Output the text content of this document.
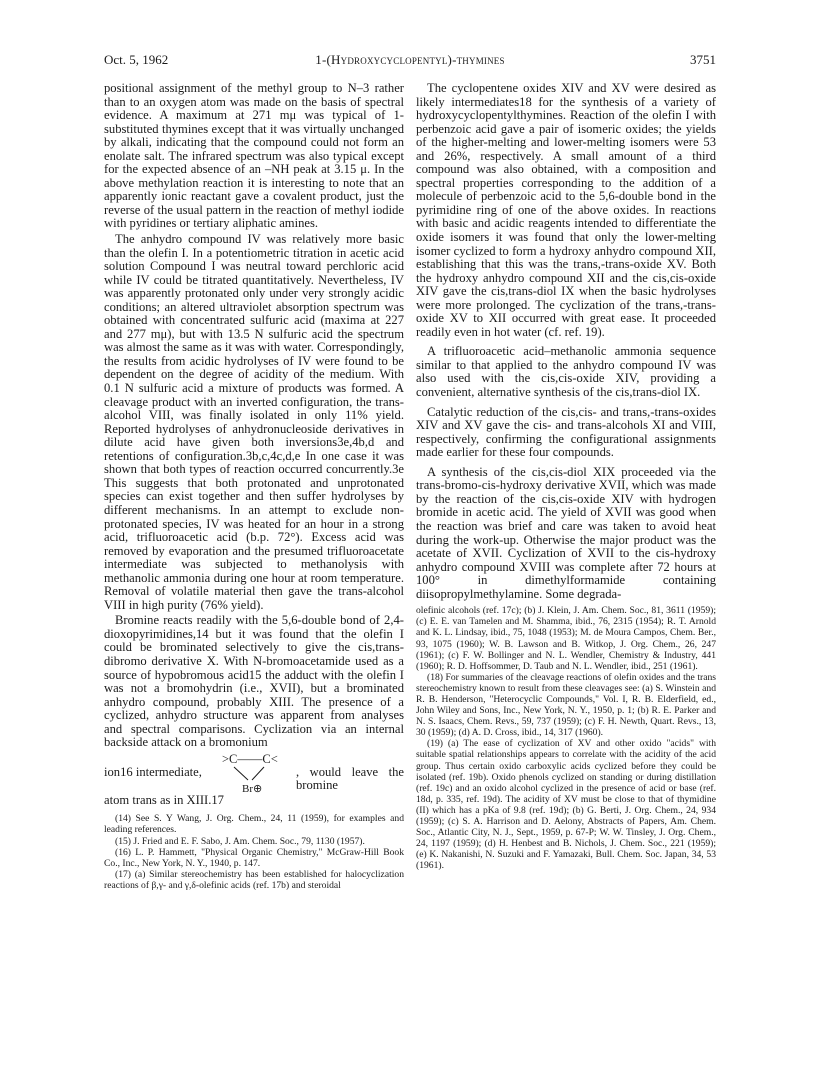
Oct. 5, 1962	1-(Hydroxycyclopentyl)-thymines	3751

positional assignment of the methyl group to N–3 rather than to an oxygen atom was made on the basis of spectral evidence. A maximum at 271 mμ was typical of 1-substituted thymines except that it was virtually unchanged by alkali, indicating that the compound could not form an enolate salt. The infrared spectrum was also typical except for the expected absence of an –NH peak at 3.15 μ. In the above methylation reaction it is interesting to note that an apparently ionic reactant gave a covalent product, just the reverse of the usual pattern in the reaction of methyl iodide with pyridines or tertiary aliphatic amines.

The anhydro compound IV was relatively more basic than the olefin I. In a potentiometric titration in acetic acid solution Compound I was neutral toward perchloric acid while IV could be titrated quantitatively. Nevertheless, IV was apparently protonated only under very strongly acidic conditions; an altered ultraviolet absorption spectrum was obtained with concentrated sulfuric acid (maxima at 227 and 277 mμ), but with 13.5 N sulfuric acid the spectrum was almost the same as it was with water. Correspondingly, the results from acidic hydrolyses of IV were found to be dependent on the degree of acidity of the medium. With 0.1 N sulfuric acid a mixture of products was formed. A cleavage product with an inverted configuration, the trans-alcohol VIII, was finally isolated in only 11% yield. Reported hydrolyses of anhydronucleoside derivatives in dilute acid have given both inversions3e,4b,d and retentions of configuration.3b,c,4c,d,e In one case it was shown that both types of reaction occurred concurrently.3e This suggests that both protonated and unprotonated species can exist together and then suffer hydrolyses by different mechanisms. In an attempt to exclude non-protonated species, IV was heated for an hour in a strong acid, trifluoroacetic acid (b.p. 72°). Excess acid was removed by evaporation and the presumed trifluoroacetate intermediate was subjected to methanolysis with methanolic ammonia during one hour at room temperature. Removal of volatile material then gave the trans-alcohol VIII in high purity (76% yield).

Bromine reacts readily with the 5,6-double bond of 2,4-dioxopyrimidines,14 but it was found that the olefin I could be brominated selectively to give the cis,trans-dibromo derivative X. With N-bromoacetamide used as a source of hypobromous acid15 the adduct with the olefin I was not a bromohydrin (i.e., XVII), but a brominated anhydro compound, probably XIII. The presence of a cyclized, anhydro structure was apparent from analyses and spectral comparisons. Cyclization via an internal backside attack on a bromonium

ion16 intermediate,
>C——C<
Br⊕
, would leave the bromine

atom trans as in XIII.17

(14) See S. Y Wang, J. Org. Chem., 24, 11 (1959), for examples and leading references.

(15) J. Fried and E. F. Sabo, J. Am. Chem. Soc., 79, 1130 (1957).

(16) L. P. Hammett, "Physical Organic Chemistry," McGraw-Hill Book Co., Inc., New York, N. Y., 1940, p. 147.

(17) (a) Similar stereochemistry has been established for halocyclization reactions of β,γ- and γ,δ-olefinic acids (ref. 17b) and steroidal

The cyclopentene oxides XIV and XV were desired as likely intermediates18 for the synthesis of a variety of hydroxycyclopentylthymines. Reaction of the olefin I with perbenzoic acid gave a pair of isomeric oxides; the yields of the higher-melting and lower-melting isomers were 53 and 26%, respectively. A small amount of a third compound was also obtained, with a composition and spectral properties corresponding to the addition of a molecule of perbenzoic acid to the 5,6-double bond in the pyrimidine ring of one of the above oxides. In reactions with basic and acidic reagents intended to differentiate the oxide isomers it was found that only the lower-melting isomer cyclized to form a hydroxy anhydro compound XII, establishing that this was the trans,-trans-oxide XV. Both the hydroxy anhydro compound XII and the cis,cis-oxide XIV gave the cis,trans-diol IX when the basic hydrolyses were more prolonged. The cyclization of the trans,-trans-oxide XV to XII occurred with great ease. It proceeded readily even in hot water (cf. ref. 19).

A trifluoroacetic acid–methanolic ammonia sequence similar to that applied to the anhydro compound IV was also used with the cis,cis-oxide XIV, providing a convenient, alternative synthesis of the cis,trans-diol IX.

Catalytic reduction of the cis,cis- and trans,-trans-oxides XIV and XV gave the cis- and trans-alcohols XI and VIII, respectively, confirming the configurational assignments made earlier for these four compounds.

A synthesis of the cis,cis-diol XIX proceeded via the trans-bromo-cis-hydroxy derivative XVII, which was made by the reaction of the cis,cis-oxide XIV with hydrogen bromide in acetic acid. The yield of XVII was good when the reaction was brief and care was taken to avoid heat during the work-up. Otherwise the major product was the acetate of XVII. Cyclization of XVII to the cis-hydroxy anhydro compound XVIII was complete after 72 hours at 100° in dimethylformamide containing diisopropylmethylamine. Some degrada-

olefinic alcohols (ref. 17c); (b) J. Klein, J. Am. Chem. Soc., 81, 3611 (1959); (c) E. E. van Tamelen and M. Shamma, ibid., 76, 2315 (1954); R. T. Arnold and K. L. Lindsay, ibid., 75, 1048 (1953); M. de Moura Campos, Chem. Ber., 93, 1075 (1960); W. B. Lawson and B. Witkop, J. Org. Chem., 26, 247 (1961); (c) F. W. Bollinger and N. L. Wendler, Chemistry & Industry, 441 (1960); R. D. Hoffsommer, D. Taub and N. L. Wendler, ibid., 251 (1961).

(18) For summaries of the cleavage reactions of olefin oxides and the trans stereochemistry known to result from these cleavages see: (a) S. Winstein and R. B. Henderson, "Heterocyclic Compounds," Vol. I, R. B. Elderfield, ed., John Wiley and Sons, Inc., New York, N. Y., 1950, p. 1; (b) R. E. Parker and N. S. Isaacs, Chem. Revs., 59, 737 (1959); (c) F. H. Newth, Quart. Revs., 13, 30 (1959); (d) A. D. Cross, ibid., 14, 317 (1960).

(19) (a) The ease of cyclization of XV and other oxido "acids" with suitable spatial relationships appears to correlate with the acidity of the acid group. Thus certain oxido carboxylic acids cyclized before they could be isolated (ref. 19b). Oxido phenols cyclized on standing or during distillation (ref. 19c) and an oxido alcohol cyclized in the presence of acid or base (ref. 18d, p. 335, ref. 19d). The acidity of XV must be close to that of thymidine (II) which has a pKa of 9.8 (ref. 19d); (b) G. Berti, J. Org. Chem., 24, 934 (1959); (c) S. A. Harrison and D. Aelony, Abstracts of Papers, Am. Chem. Soc., Atlantic City, N. J., Sept., 1959, p. 67-P; W. W. Tinsley, J. Org. Chem., 24, 1197 (1959); (d) H. Henbest and B. Nichols, J. Chem. Soc., 221 (1959); (e) K. Nakanishi, N. Suzuki and F. Yamazaki, Bull. Chem. Soc. Japan, 34, 53 (1961).
